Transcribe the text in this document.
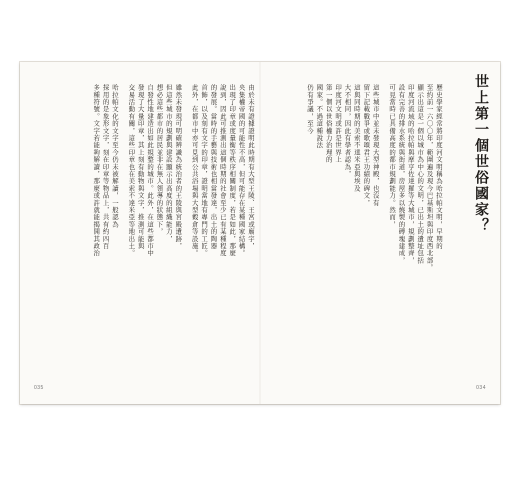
由於未有證據證明此時期有大型王陵、王宮或廟宇，
央集權帝國的可能性不高，但可能存在某種國家結構。
出現了印章或度量衡等秩序相關制度，若是如此，那麼
說到，因此可推測出這個時期的社會至少已有某種程度
的發展。當時的手藝與技術也相當發達，出土的陶器
首飾，以及刻有文字的印章，證明當地有專門的工匠。
此外，在都市中亦可見到公共浴場與大型穀倉等設施。
雖然未發現可明確辨識為統治者的王陵與宮殿遺跡，
但這些城市的規劃與建設顯示出高度的組織能力，
想必這些都市的居民並非在無人領導的狀態下，
自發性地建造出如此規整的城市。此外，在這些都市中
發現了大量印章，其上刻有動物與文字，推測可能與
交易活動有關，這些印章也在美索不達米亞等地出土。
哈拉帕文化的文字至今仍未被解讀，一般認為
採用的是象形文字，刻在印章等物品上，共有約四百
多種符號。文字若能夠解讀，那麼或許就能揭開其政治
035
世上第一個世俗國家？
歷史學家經常將印度河文明稱為哈拉帕文明，早期的
至約前一六〇〇年，範圍遍及現今巴基斯坦與印度西北部。
顯示出這是一個以城市為中心的文明，已出土的遺址包括
印度河流域的哈拉帕與摩亨佐達羅等大城市，規劃整齊，
設有完善的排水系統與街道，房屋多以燒製的磚塊建成，
可見當時已具備高度的都市規劃能力。然而，
這些城市中並未發現大型神殿，也沒有
留下記載戰爭或歌頌君王功績的碑文，
這與同時期的美索不達米亞與埃及
大不相同，因此有學者認為，
印度河文明或許是世界上
第一個以世俗權力治理的
國家。不過這種說法
仍有爭議，至今
034
